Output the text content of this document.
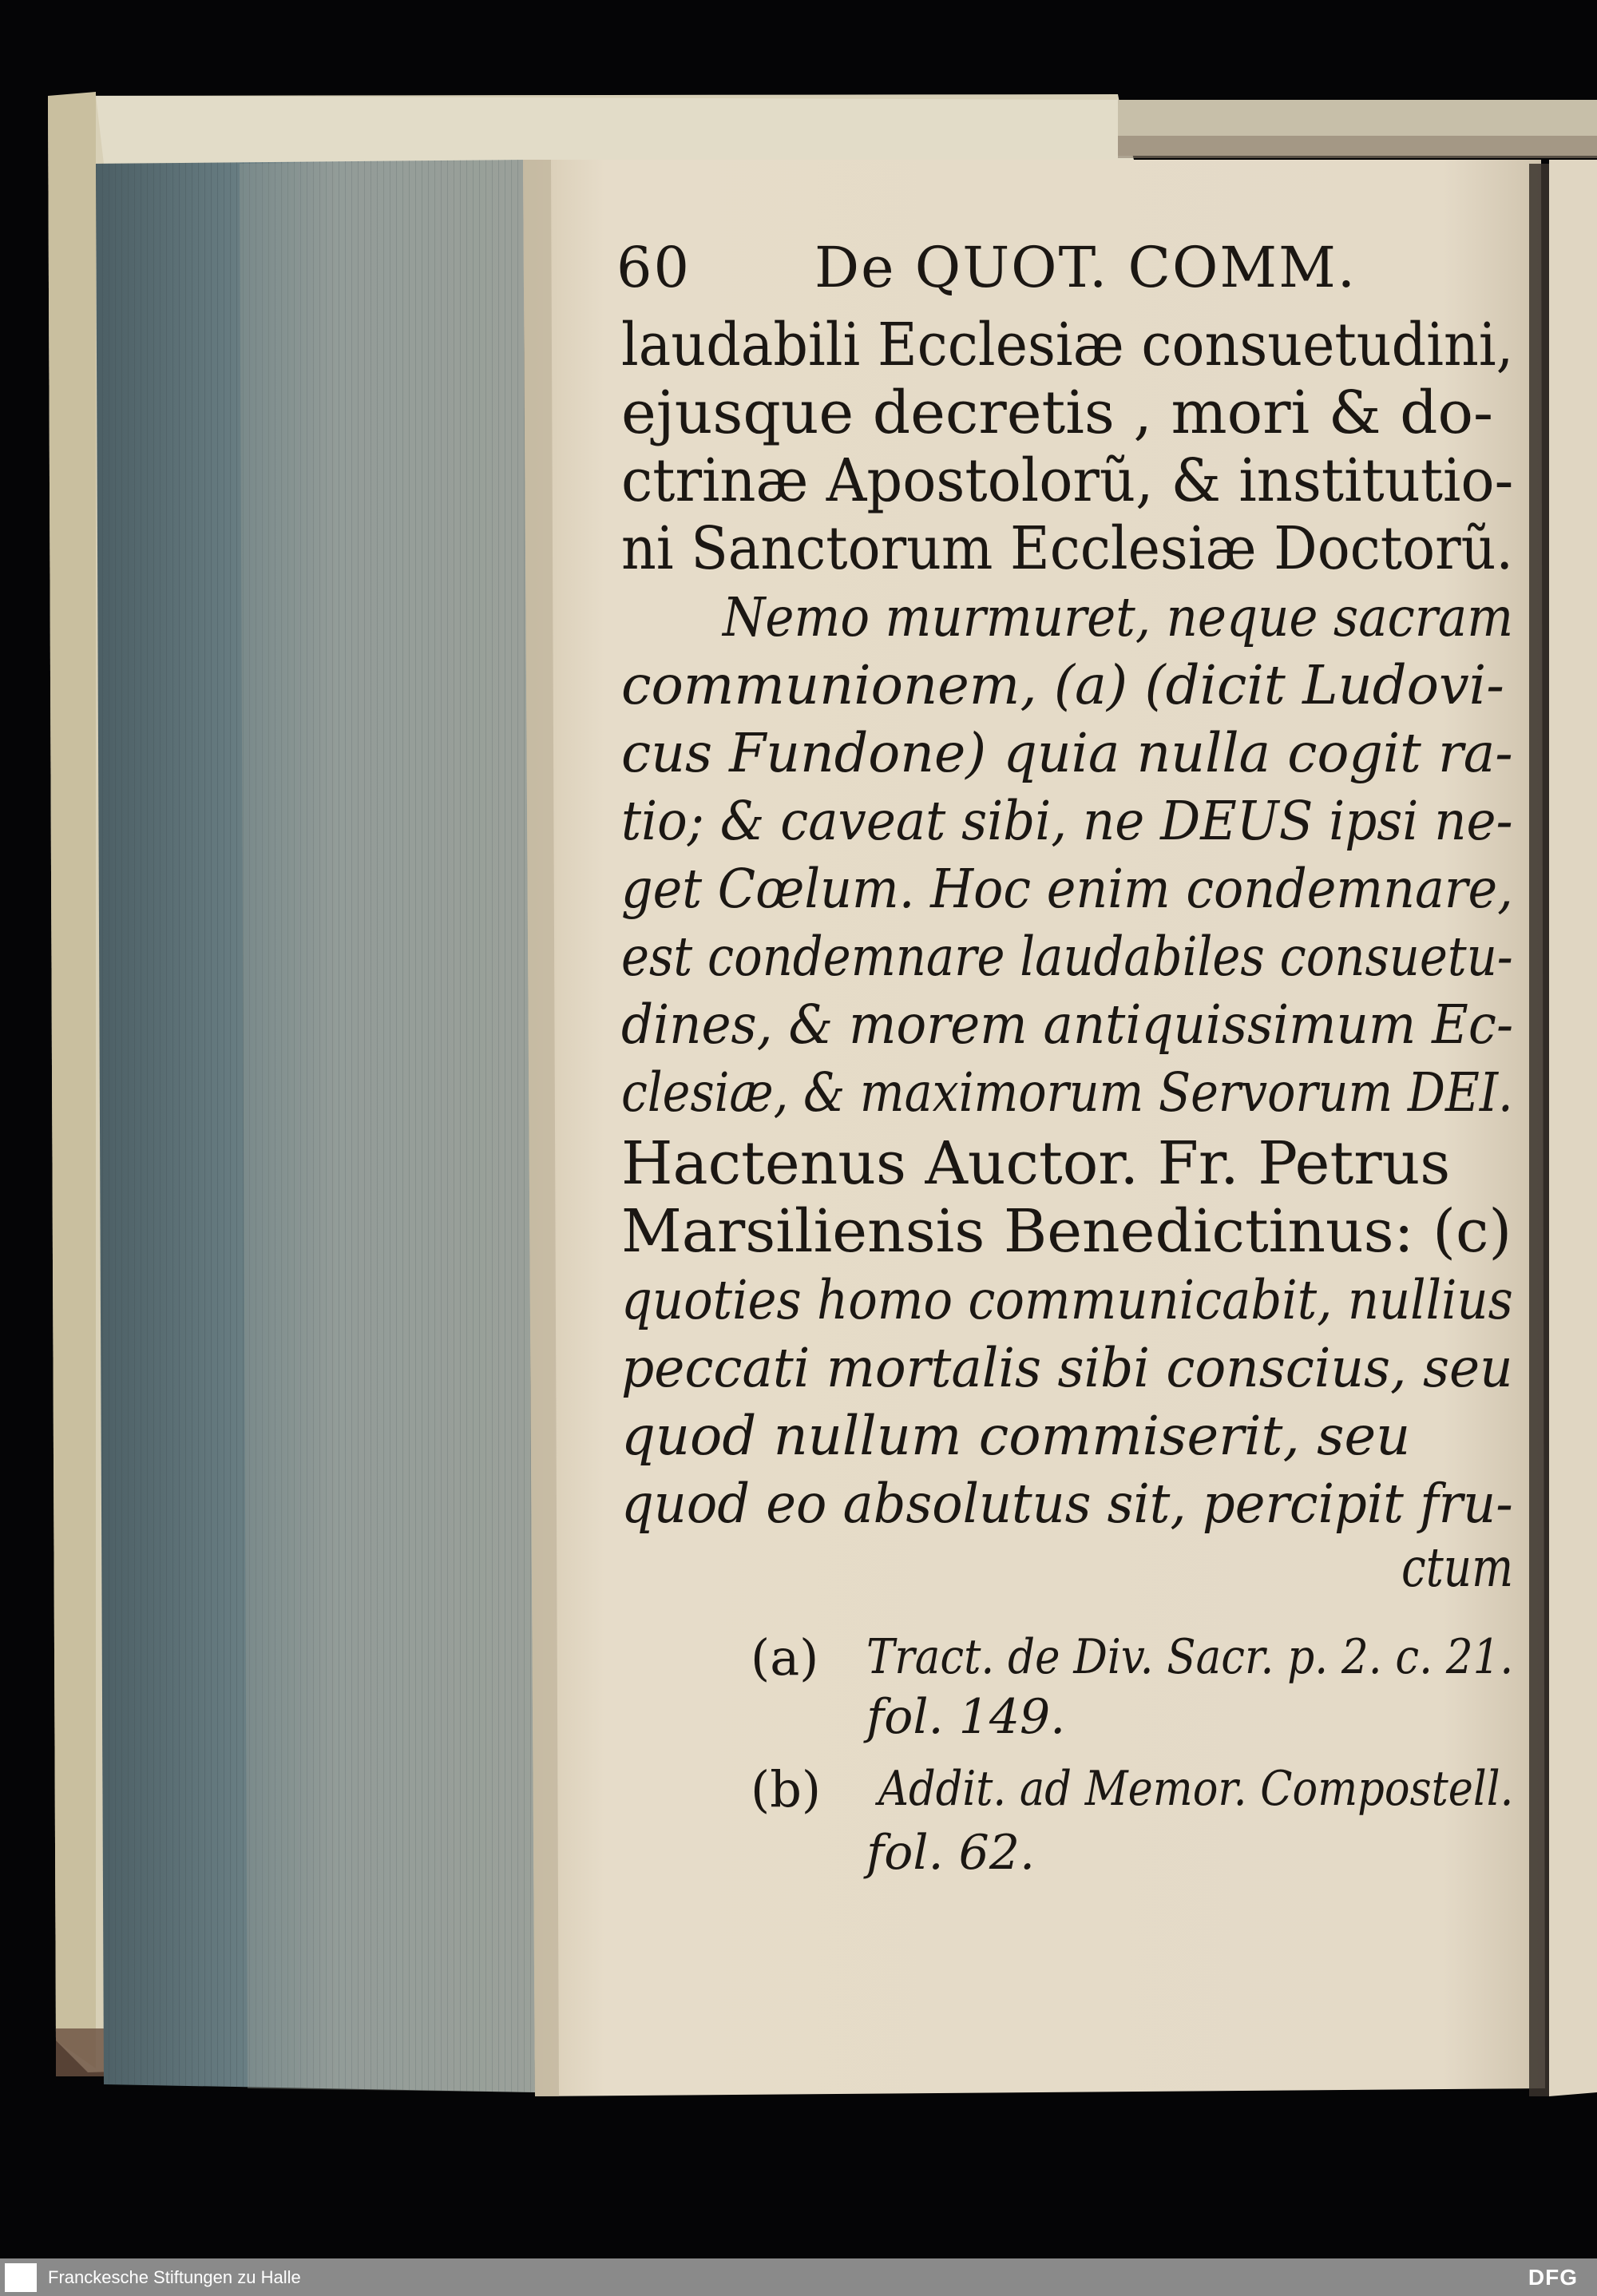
60 De QUOT. COMM.
laudabili Ecclesiæ consuetudini,
ejusque decretis , mori & do-
ctrinæ Apostolorũ, & institutio-
ni Sanctorum Ecclesiæ Doctorũ.
Nemo murmuret, neque sacram
communionem, (a) (dicit Ludovi-
cus Fundone) quia nulla cogit ra-
tio; & caveat sibi, ne DEUS ipsi ne-
get Cœlum. Hoc enim condemnare,
est condemnare laudabiles consuetu-
dines, & morem antiquissimum Ec-
clesiæ, & maximorum Servorum DEI.
Hactenus Auctor. Fr. Petrus
Marsiliensis Benedictinus: (c)
quoties homo communicabit, nullius
peccati mortalis sibi conscius, seu
quod nullum commiserit, seu
quod eo absolutus sit, percipit fru-
ctum
(a) Tract. de Div. Sacr. p. 2. c. 21.
fol. 149.
(b) Addit. ad Memor. Compostell.
fol. 62.
Franckesche Stiftungen zu Halle	DFG
